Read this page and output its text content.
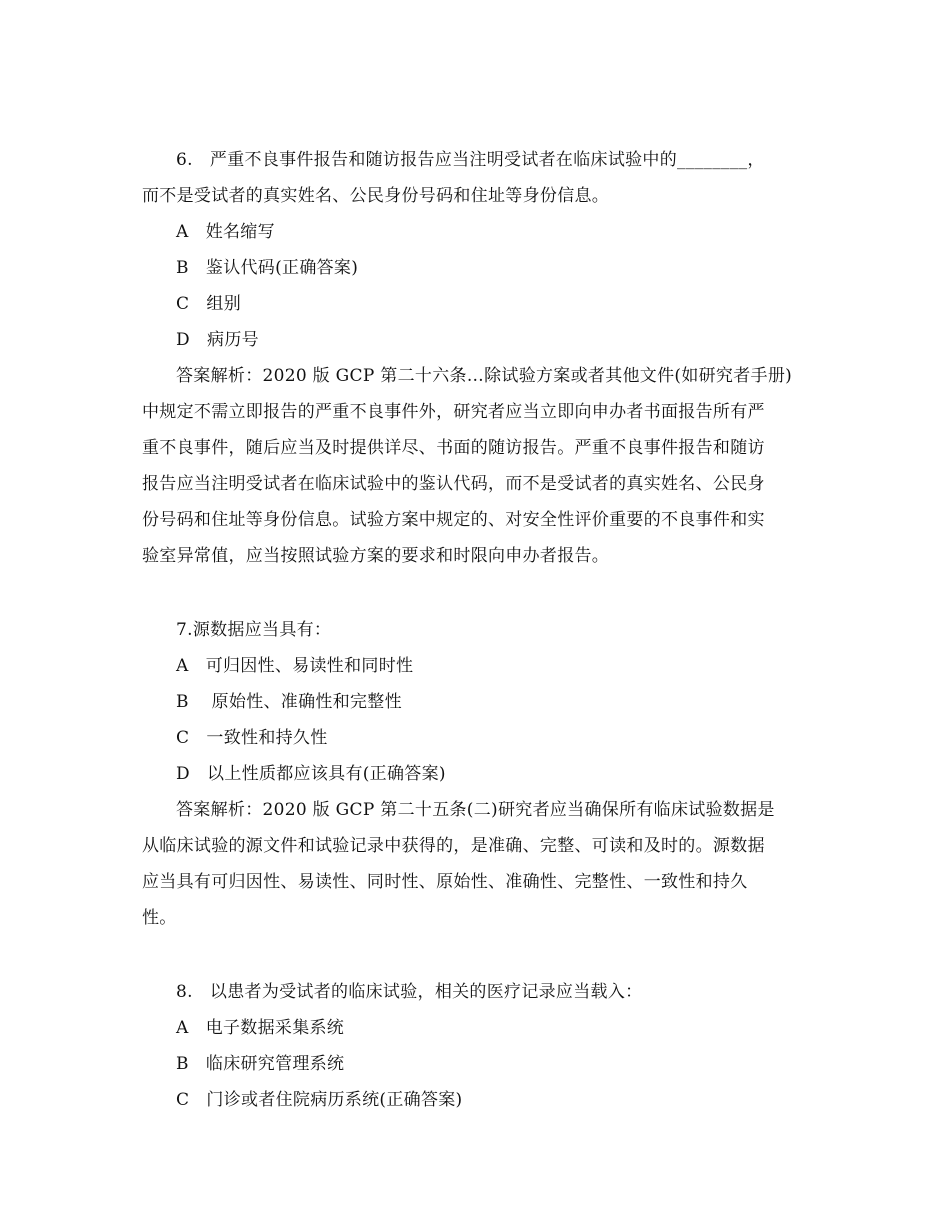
6.   严重不良事件报告和随访报告应当注明受试者在临床试验中的________，
而不是受试者的真实姓名、公民身份号码和住址等身份信息。
A   姓名缩写
B   鉴认代码(正确答案)
C   组别
D   病历号
答案解析：2020 版 GCP 第二十六条…除试验方案或者其他文件(如研究者手册)
中规定不需立即报告的严重不良事件外，研究者应当立即向申办者书面报告所有严
重不良事件，随后应当及时提供详尽、书面的随访报告。严重不良事件报告和随访
报告应当注明受试者在临床试验中的鉴认代码，而不是受试者的真实姓名、公民身
份号码和住址等身份信息。试验方案中规定的、对安全性评价重要的不良事件和实
验室异常值，应当按照试验方案的要求和时限向申办者报告。
7.源数据应当具有：
A   可归因性、易读性和同时性
B    原始性、准确性和完整性
C   一致性和持久性
D   以上性质都应该具有(正确答案)
答案解析：2020 版 GCP 第二十五条(二)研究者应当确保所有临床试验数据是
从临床试验的源文件和试验记录中获得的，是准确、完整、可读和及时的。源数据
应当具有可归因性、易读性、同时性、原始性、准确性、完整性、一致性和持久
性。
8.   以患者为受试者的临床试验，相关的医疗记录应当载入：
A   电子数据采集系统
B   临床研究管理系统
C   门诊或者住院病历系统(正确答案)
